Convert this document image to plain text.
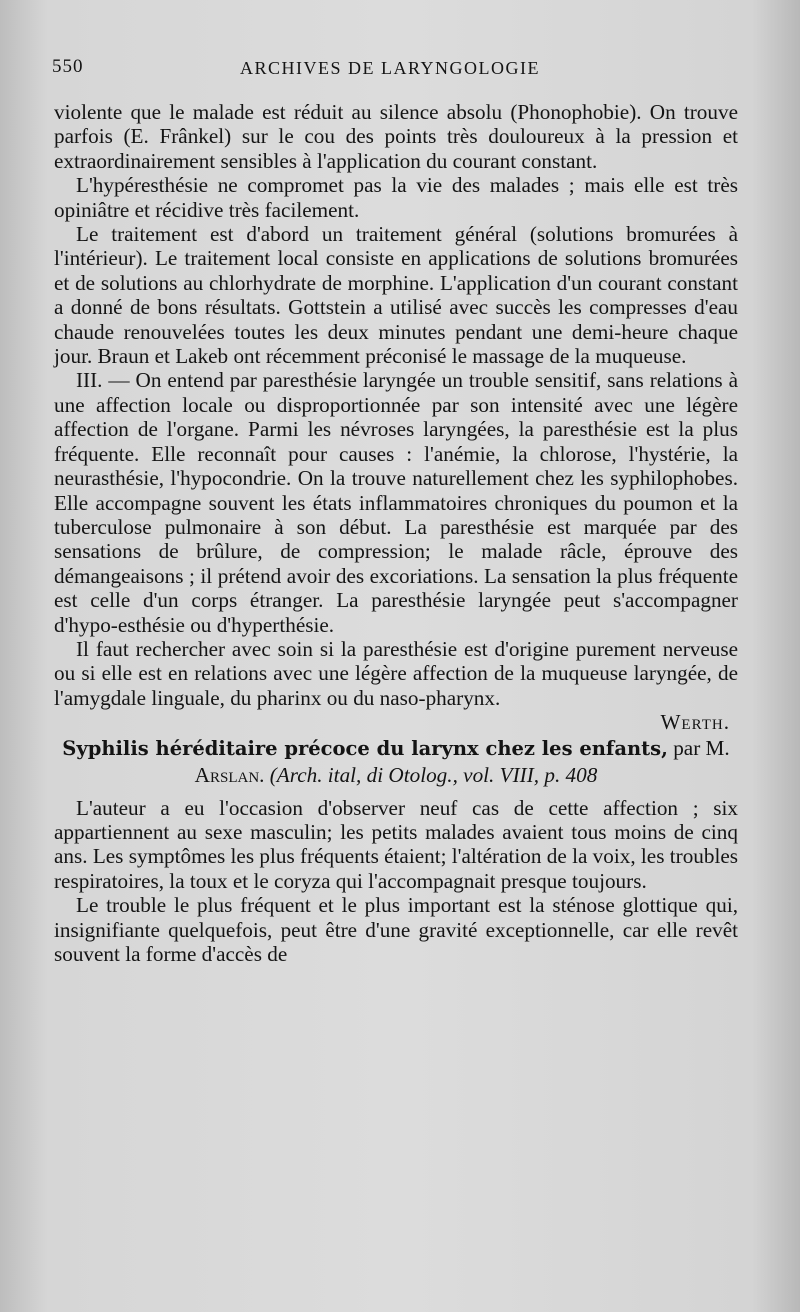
550	ARCHIVES DE LARYNGOLOGIE

violente que le malade est réduit au silence absolu (Phonophobie). On trouve parfois (E. Frânkel) sur le cou des points très douloureux à la pression et extraordinairement sensibles à l'application du courant constant.

L'hypéresthésie ne compromet pas la vie des malades ; mais elle est très opiniâtre et récidive très facilement.

Le traitement est d'abord un traitement général (solutions bromurées à l'intérieur). Le traitement local consiste en applications de solutions bromurées et de solutions au chlorhydrate de morphine. L'application d'un courant constant a donné de bons résultats. Gottstein a utilisé avec succès les compresses d'eau chaude renouvelées toutes les deux minutes pendant une demi-heure chaque jour. Braun et Lakeb ont récemment préconisé le massage de la muqueuse.

III. — On entend par paresthésie laryngée un trouble sensitif, sans relations à une affection locale ou disproportionnée par son intensité avec une légère affection de l'organe. Parmi les névroses laryngées, la paresthésie est la plus fréquente. Elle reconnaît pour causes : l'anémie, la chlorose, l'hystérie, la neurasthésie, l'hypocondrie. On la trouve naturellement chez les syphilophobes. Elle accompagne souvent les états inflammatoires chroniques du poumon et la tuberculose pulmonaire à son début. La paresthésie est marquée par des sensations de brûlure, de compression; le malade râcle, éprouve des démangeaisons ; il prétend avoir des excoriations. La sensation la plus fréquente est celle d'un corps étranger. La paresthésie laryngée peut s'accompagner d'hypo-esthésie ou d'hyperthésie.

Il faut rechercher avec soin si la paresthésie est d'origine purement nerveuse ou si elle est en relations avec une légère affection de la muqueuse laryngée, de l'amygdale linguale, du pharinx ou du naso-pharynx.

Werth.

Syphilis héréditaire précoce du larynx chez les enfants, par M. Arslan. (Arch. ital, di Otolog., vol. VIII, p. 408

L'auteur a eu l'occasion d'observer neuf cas de cette affection ; six appartiennent au sexe masculin; les petits malades avaient tous moins de cinq ans. Les symptômes les plus fréquents étaient; l'altération de la voix, les troubles respiratoires, la toux et le coryza qui l'accompagnait presque toujours.

Le trouble le plus fréquent et le plus important est la sténose glottique qui, insignifiante quelquefois, peut être d'une gravité exceptionnelle, car elle revêt souvent la forme d'accès de
